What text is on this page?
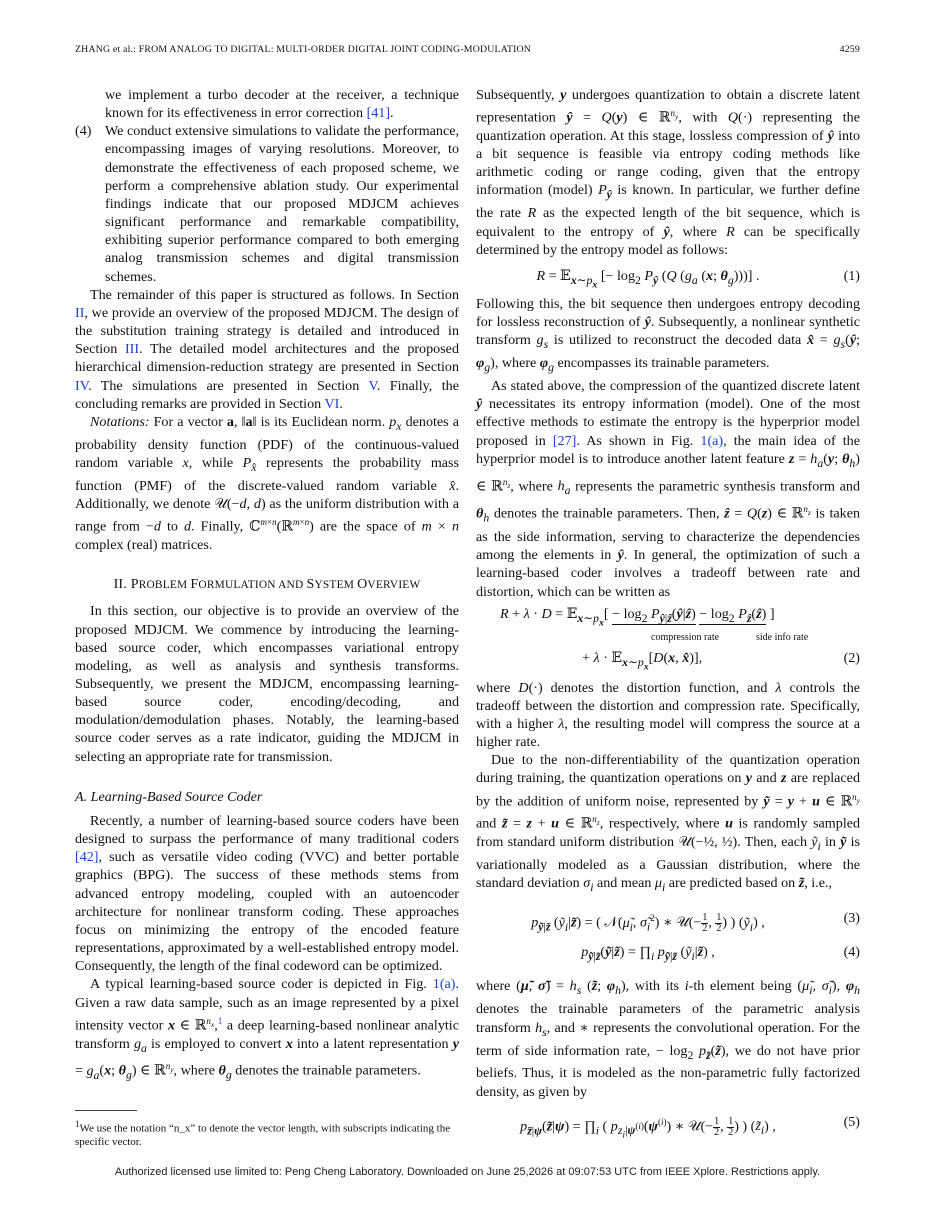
ZHANG et al.: FROM ANALOG TO DIGITAL: MULTI-ORDER DIGITAL JOINT CODING-MODULATION	4259
we implement a turbo decoder at the receiver, a technique known for its effectiveness in error correction [41].
(4) We conduct extensive simulations to validate the performance, encompassing images of varying resolutions. Moreover, to demonstrate the effectiveness of each proposed scheme, we perform a comprehensive ablation study. Our experimental findings indicate that our proposed MDJCM achieves significant performance and remarkable compatibility, exhibiting superior performance compared to both emerging analog transmission schemes and digital transmission schemes.

The remainder of this paper is structured as follows. In Section II, we provide an overview of the proposed MDJCM. The design of the substitution training strategy is detailed and introduced in Section III. The detailed model architectures and the proposed hierarchical dimension-reduction strategy are presented in Section IV. The simulations are presented in Section V. Finally, the concluding remarks are provided in Section VI.

Notations: For a vector a, ‖a‖ is its Euclidean norm. $p_x$ denotes a probability density function (PDF) of the continuous-valued random variable x, while $P_{x̂}$ represents the probability mass function (PMF) of the discrete-valued random variable x̂. Additionally, we denote 𝒰(−d, d) as the uniform distribution with a range from −d to d. Finally, ℂ$^{m\times n}$(ℝ$^{m\times n}$) are the space of m × n complex (real) matrices.

II. PROBLEM FORMULATION AND SYSTEM OVERVIEW

In this section, our objective is to provide an overview of the proposed MDJCM. We commence by introducing the learning-based source coder, which encompasses variational entropy modeling, as well as analysis and synthesis transforms. Subsequently, we present the MDJCM, encompassing learning-based source coder, encoding/decoding, and modulation/demodulation phases. Notably, the learning-based source coder serves as a rate indicator, guiding the MDJCM in selecting an appropriate rate for transmission.

A. Learning-Based Source Coder

Recently, a number of learning-based source coders have been designed to surpass the performance of many traditional coders [42], such as versatile video coding (VVC) and better portable graphics (BPG). The success of these methods stems from advanced entropy modeling, coupled with an autoencoder architecture for nonlinear transform coding. These approaches focus on minimizing the entropy of the encoded feature representations, approximated by a well-established entropy model. Consequently, the length of the final codeword can be optimized.

A typical learning-based source coder is depicted in Fig. 1(a). Given a raw data sample, such as an image represented by a pixel intensity vector x ∈ ℝ$^{n_x}$,$^1$ a deep learning-based nonlinear analytic transform $g_a$ is employed to convert x into a latent representation $y = g_a(x$; $\theta_g$) ∈ ℝ$^{n_y}$, where $\theta_g$ denotes the trainable parameters.

$^1$We use the notation “n_x” to denote the vector length, with subscripts indicating the specific vector.

Subsequently, y undergoes quantization to obtain a discrete latent representation ŷ = Q(y) ∈ ℝ$^{n_y}$, with Q(·) representing the quantization operation. At this stage, lossless compression of ŷ into a bit sequence is feasible via entropy coding methods like arithmetic coding or range coding, given that the entropy information (model) $P_ŷ$ is known. In particular, we further define the rate R as the expected length of the bit sequence, which is equivalent to the entropy of ŷ, where R can be specifically determined by the entropy model as follows:

R = 𝔼$_{x\sim p_x}$ [− $\log_2 P_ŷ$ (Q ($g_a$ (x; $\theta_g$)))] .	(1)

Following this, the bit sequence then undergoes entropy decoding for lossless reconstruction of ŷ. Subsequently, a nonlinear synthetic transform $g_s$ is utilized to reconstruct the decoded data x̂ = $g_s(ŷ$; $\varphi_g$), where $\varphi_g$ encompasses its trainable parameters.

As stated above, the compression of the quantized discrete latent ŷ necessitates its entropy information (model). One of the most effective methods to estimate the entropy is the hyperprior model proposed in [27]. As shown in Fig. 1(a), the main idea of the hyperprior model is to introduce another latent feature $z = h_a(y$; $\theta_h$) ∈ ℝ$^{n_z}$, where $h_a$ represents the parametric synthesis transform and $\theta_h$ denotes the trainable parameters. Then, ẑ = Q(z) ∈ ℝ$^{n_z}$ is taken as the side information, serving to characterize the dependencies among the elements in ŷ. In general, the optimization of such a learning-based coder involves a tradeoff between rate and distortion, which can be written as

R + λ · D = 𝔼$_{x\sim p_x}$[ − $\log_2$ $P_{ŷ|ẑ}(ŷ|ẑ) - \log_2$ $P_ẑ(ẑ)$ ]
compression rate	side info rate
+ λ · 𝔼$_{x\sim p_x}$[D(x, x̂)],	(2)

where D(·) denotes the distortion function, and λ controls the tradeoff between the distortion and compression rate. Specifically, with a higher λ, the resulting model will compress the source at a higher rate.

Due to the non-differentiability of the quantization operation during training, the quantization operations on y and z are replaced by the addition of uniform noise, represented by ỹ = y + u ∈ ℝ$^{n_y}$ and z̃ = z + u ∈ ℝ$^{n_z}$, respectively, where u is randomly sampled from standard uniform distribution 𝒰(−½, ½). Then, each ỹ$_i$ in ỹ is variationally modeled as a Gaussian distribution, where the standard deviation $\sigma_i$ and mean $\mu_i$ are predicted based on z̃, i.e.,

$p_{ỹ|z̃}$ (ỹ$_i$|z̃) = ( $𝒩(\mũ_i$, $\sigmã_i^2$) ∗ 𝒰(− $\frac{1}{2}$ , $\frac{1}{2}$ ) ) (ỹ$_i$) ,	(3)
$p_{ỹ|z̃}(ỹ|z̃)$ = $\prod_i$ $p_{ỹ|z̃}$ (ỹ$_i$|z̃) ,	(4)

where (μ̃, σ̃) = $h_s$ (z̃; $\varphi_h$), with its i-th element being ($\mũ_i$, $\sigmã_i$), $\varphi_h$ denotes the trainable parameters of the parametric analysis transform $h_s$, and ∗ represents the convolutional operation. For the term of side information rate, − $\log_2$ $p_{z̃}(z̃)$, we do not have prior beliefs. Thus, it is modeled as the non-parametric fully factorized density, as given by

$p_{z̃|\psi}(z̃|\psi)$ = $\prod_i$ ( $p_{z_i|\psi^{(i)}}(\psi^{(i)})$ ∗ 𝒰(− $\frac{1}{2}$ , $\frac{1}{2}$ ) ) $(z̃_i)$ ,	(5)
Authorized licensed use limited to: Peng Cheng Laboratory. Downloaded on June 25,2026 at 09:07:53 UTC from IEEE Xplore. Restrictions apply.
